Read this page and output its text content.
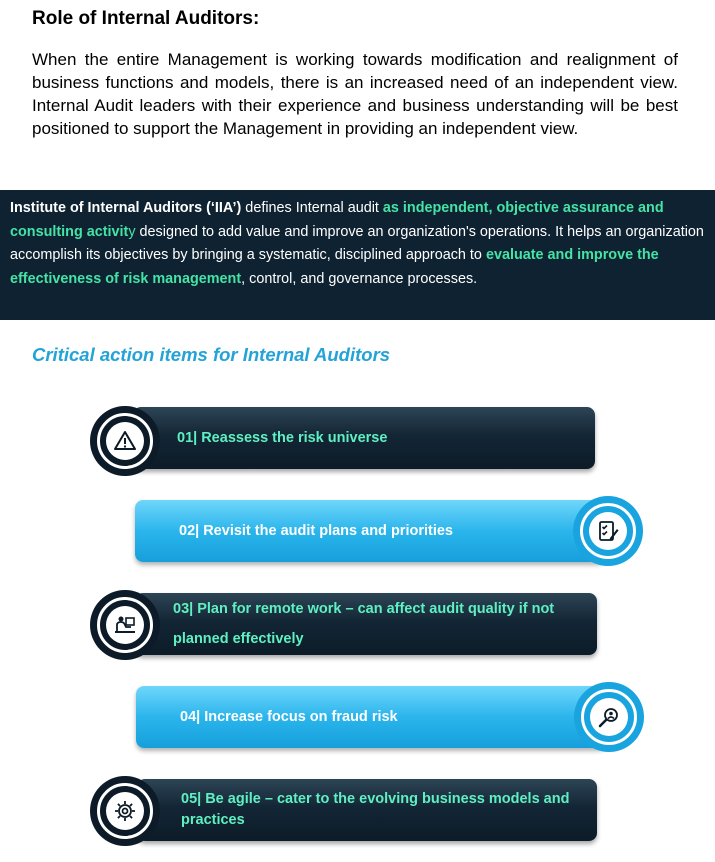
Role of Internal Auditors:

When the entire Management is working towards modification and realignment of business functions and models, there is an increased need of an independent view. Internal Audit leaders with their experience and business understanding will be best positioned to support the Management in providing an independent view.

Institute of Internal Auditors (‘IIA’) defines Internal audit as independent, objective assurance and consulting activity designed to add value and improve an organization's operations. It helps an organization accomplish its objectives by bringing a systematic, disciplined approach to evaluate and improve the effectiveness of risk management, control, and governance processes.
Critical action items for Internal Auditors
01| Reassess the risk universe
02| Revisit the audit plans and priorities
03| Plan for remote work – can affect audit quality if not planned effectively
04| Increase focus on fraud risk
05| Be agile – cater to the evolving business models and practices
